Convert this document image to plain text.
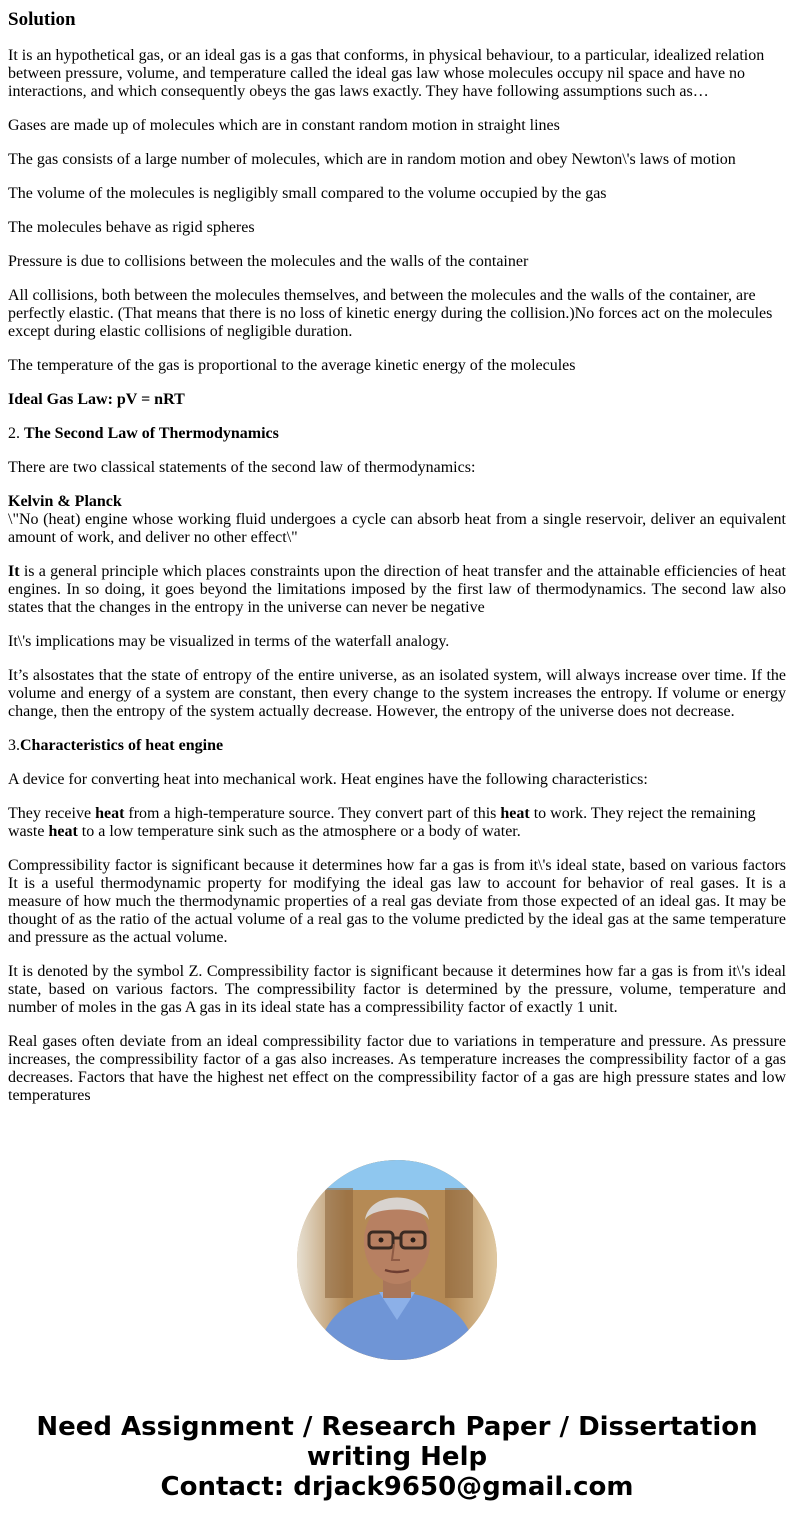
Solution

It is an hypothetical gas, or an ideal gas is a gas that conforms, in physical behaviour, to a particular, idealized relation between pressure, volume, and temperature called the ideal gas law whose molecules occupy nil space and have no interactions, and which consequently obeys the gas laws exactly. They have following assumptions such as…

Gases are made up of molecules which are in constant random motion in straight lines

The gas consists of a large number of molecules, which are in random motion and obey Newton\'s laws of motion

The volume of the molecules is negligibly small compared to the volume occupied by the gas

The molecules behave as rigid spheres

Pressure is due to collisions between the molecules and the walls of the container

All collisions, both between the molecules themselves, and between the molecules and the walls of the container, are perfectly elastic. (That means that there is no loss of kinetic energy during the collision.)No forces act on the molecules except during elastic collisions of negligible duration.

The temperature of the gas is proportional to the average kinetic energy of the molecules

Ideal Gas Law: pV = nRT

2. The Second Law of Thermodynamics

There are two classical statements of the second law of thermodynamics:

Kelvin & Planck
\"No (heat) engine whose working fluid undergoes a cycle can absorb heat from a single reservoir, deliver an equivalent amount of work, and deliver no other effect\"

It is a general principle which places constraints upon the direction of heat transfer and the attainable efficiencies of heat engines. In so doing, it goes beyond the limitations imposed by the first law of thermodynamics. The second law also states that the changes in the entropy in the universe can never be negative

It\'s implications may be visualized in terms of the waterfall analogy.

It’s alsostates that the state of entropy of the entire universe, as an isolated system, will always increase over time. If the volume and energy of a system are constant, then every change to the system increases the entropy. If volume or energy change, then the entropy of the system actually decrease. However, the entropy of the universe does not decrease.

3.Characteristics of heat engine

A device for converting heat into mechanical work. Heat engines have the following characteristics:

They receive heat from a high-temperature source. They convert part of this heat to work. They reject the remaining waste heat to a low temperature sink such as the atmosphere or a body of water.

Compressibility factor is significant because it determines how far a gas is from it\'s ideal state, based on various factors It is a useful thermodynamic property for modifying the ideal gas law to account for behavior of real gases. It is a measure of how much the thermodynamic properties of a real gas deviate from those expected of an ideal gas. It may be thought of as the ratio of the actual volume of a real gas to the volume predicted by the ideal gas at the same temperature and pressure as the actual volume.

It is denoted by the symbol Z. Compressibility factor is significant because it determines how far a gas is from it\'s ideal state, based on various factors. The compressibility factor is determined by the pressure, volume, temperature and number of moles in the gas A gas in its ideal state has a compressibility factor of exactly 1 unit.

Real gases often deviate from an ideal compressibility factor due to variations in temperature and pressure. As pressure increases, the compressibility factor of a gas also increases. As temperature increases the compressibility factor of a gas decreases. Factors that have the highest net effect on the compressibility factor of a gas are high pressure states and low temperatures

Need Assignment / Research Paper / Dissertation
writing Help
Contact: drjack9650@gmail.com
